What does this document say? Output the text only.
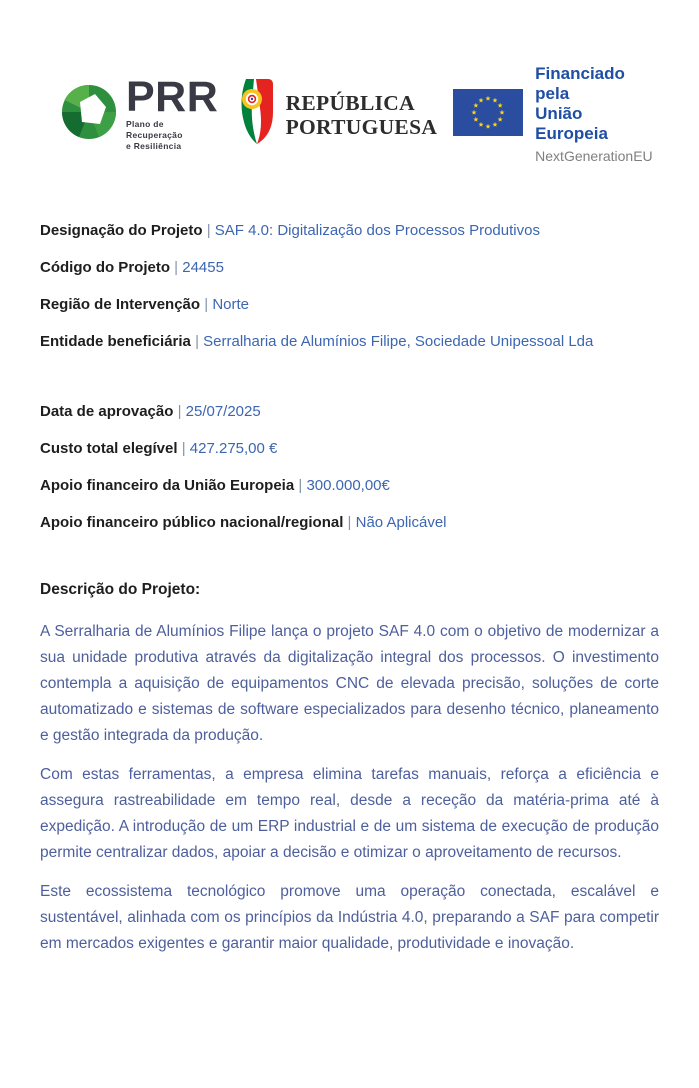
PRR
Plano de Recuperação
e Resiliência
REPÚBLICA
PORTUGUESA
Financiado pela
União Europeia
NextGenerationEU

Designação do Projeto | SAF 4.0: Digitalização dos Processos Produtivos

Código do Projeto | 24455

Região de Intervenção | Norte

Entidade beneficiária | Serralharia de Alumínios Filipe, Sociedade Unipessoal Lda

Data de aprovação | 25/07/2025

Custo total elegível | 427.275,00 €

Apoio financeiro da União Europeia | 300.000,00€

Apoio financeiro público nacional/regional | Não Aplicável

Descrição do Projeto:

A Serralharia de Alumínios Filipe lança o projeto SAF 4.0 com o objetivo de modernizar a sua unidade produtiva através da digitalização integral dos processos. O investimento contempla a aquisição de equipamentos CNC de elevada precisão, soluções de corte automatizado e sistemas de software especializados para desenho técnico, planeamento e gestão integrada da produção.

Com estas ferramentas, a empresa elimina tarefas manuais, reforça a eficiência e assegura rastreabilidade em tempo real, desde a receção da matéria-prima até à expedição. A introdução de um ERP industrial e de um sistema de execução de produção permite centralizar dados, apoiar a decisão e otimizar o aproveitamento de recursos.

Este ecossistema tecnológico promove uma operação conectada, escalável e sustentável, alinhada com os princípios da Indústria 4.0, preparando a SAF para competir em mercados exigentes e garantir maior qualidade, produtividade e inovação.
